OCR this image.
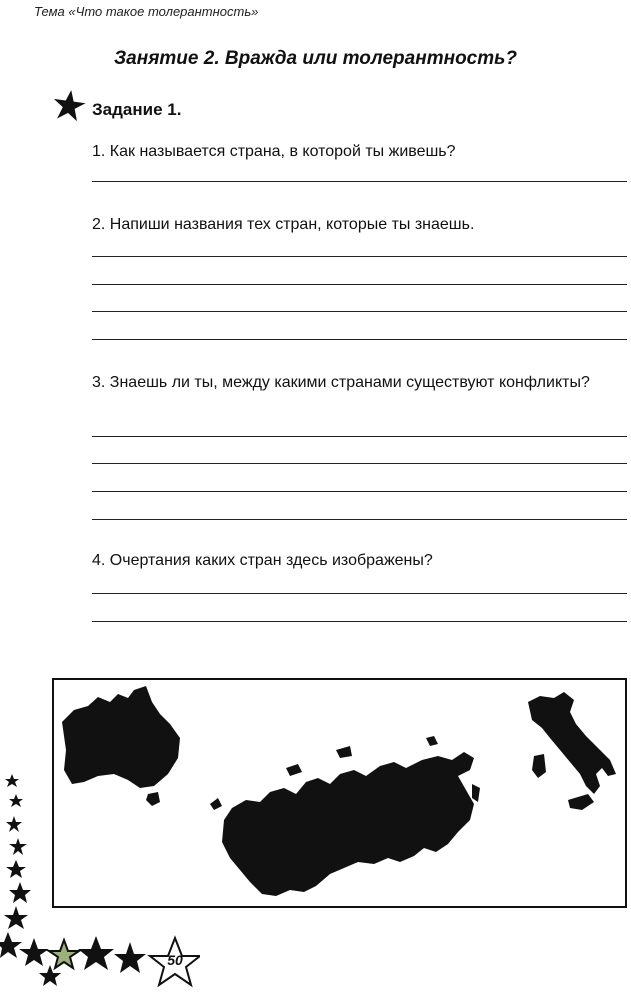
Тема «Что такое толерантность»
Занятие 2. Вражда или толерантность?
Задание 1.
1. Как называется страна, в которой ты живешь?
2. Напиши названия тех стран, которые ты знаешь.
3. Знаешь ли ты, между какими странами существуют конфликты?
4. Очертания каких стран здесь изображены?
50
